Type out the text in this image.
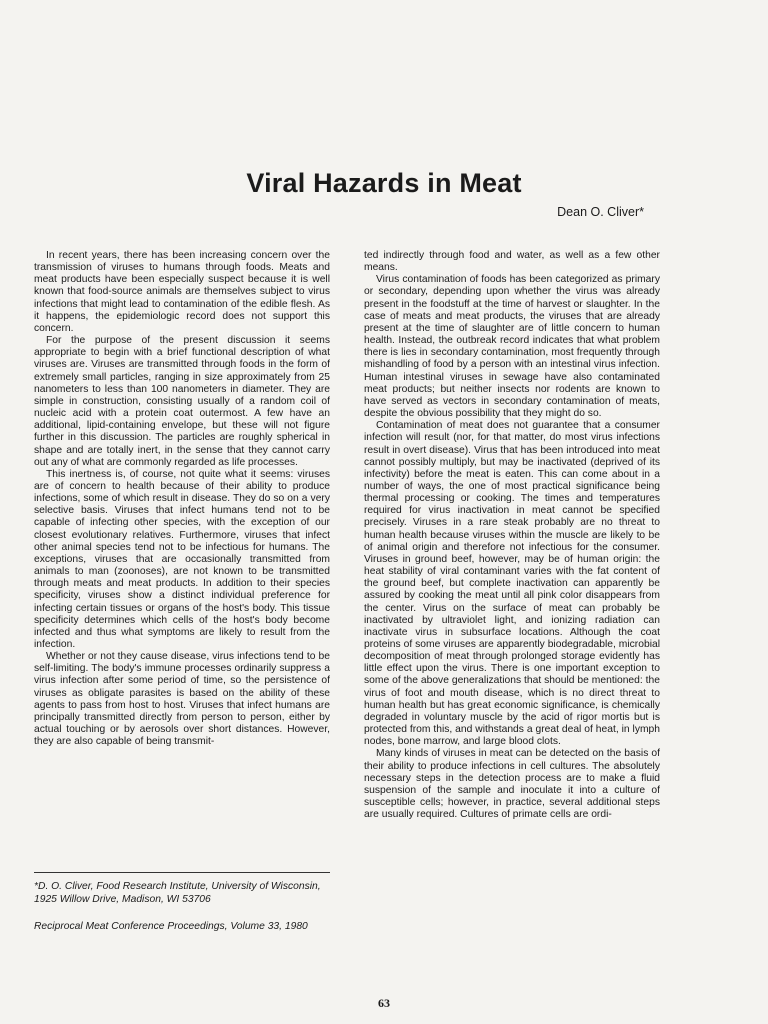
Viral Hazards in Meat
Dean O. Cliver*

In recent years, there has been increasing concern over the transmission of viruses to humans through foods. Meats and meat products have been especially suspect because it is well known that food-source animals are themselves subject to virus infections that might lead to contamination of the edible flesh. As it happens, the epidemiologic record does not support this concern.

For the purpose of the present discussion it seems appropriate to begin with a brief functional description of what viruses are. Viruses are transmitted through foods in the form of extremely small particles, ranging in size approximately from 25 nanometers to less than 100 nanometers in diameter. They are simple in construction, consisting usually of a random coil of nucleic acid with a protein coat outermost. A few have an additional, lipid-containing envelope, but these will not figure further in this discussion. The particles are roughly spherical in shape and are totally inert, in the sense that they cannot carry out any of what are commonly regarded as life processes.

This inertness is, of course, not quite what it seems: viruses are of concern to health because of their ability to produce infections, some of which result in disease. They do so on a very selective basis. Viruses that infect humans tend not to be capable of infecting other species, with the exception of our closest evolutionary relatives. Furthermore, viruses that infect other animal species tend not to be infectious for humans. The exceptions, viruses that are occasionally transmitted from animals to man (zoonoses), are not known to be transmitted through meats and meat products. In addition to their species specificity, viruses show a distinct individual preference for infecting certain tissues or organs of the host's body. This tissue specificity determines which cells of the host's body become infected and thus what symptoms are likely to result from the infection.

Whether or not they cause disease, virus infections tend to be self-limiting. The body's immune processes ordinarily suppress a virus infection after some period of time, so the persistence of viruses as obligate parasites is based on the ability of these agents to pass from host to host. Viruses that infect humans are principally transmitted directly from person to person, either by actual touching or by aerosols over short distances. However, they are also capable of being transmit-

ted indirectly through food and water, as well as a few other means.

Virus contamination of foods has been categorized as primary or secondary, depending upon whether the virus was already present in the foodstuff at the time of harvest or slaughter. In the case of meats and meat products, the viruses that are already present at the time of slaughter are of little concern to human health. Instead, the outbreak record indicates that what problem there is lies in secondary contamination, most frequently through mishandling of food by a person with an intestinal virus infection. Human intestinal viruses in sewage have also contaminated meat products; but neither insects nor rodents are known to have served as vectors in secondary contamination of meats, despite the obvious possibility that they might do so.

Contamination of meat does not guarantee that a consumer infection will result (nor, for that matter, do most virus infections result in overt disease). Virus that has been introduced into meat cannot possibly multiply, but may be inactivated (deprived of its infectivity) before the meat is eaten. This can come about in a number of ways, the one of most practical significance being thermal processing or cooking. The times and temperatures required for virus inactivation in meat cannot be specified precisely. Viruses in a rare steak probably are no threat to human health because viruses within the muscle are likely to be of animal origin and therefore not infectious for the consumer. Viruses in ground beef, however, may be of human origin: the heat stability of viral contaminant varies with the fat content of the ground beef, but complete inactivation can apparently be assured by cooking the meat until all pink color disappears from the center. Virus on the surface of meat can probably be inactivated by ultraviolet light, and ionizing radiation can inactivate virus in subsurface locations. Although the coat proteins of some viruses are apparently biodegradable, microbial decomposition of meat through prolonged storage evidently has little effect upon the virus. There is one important exception to some of the above generalizations that should be mentioned: the virus of foot and mouth disease, which is no direct threat to human health but has great economic significance, is chemically degraded in voluntary muscle by the acid of rigor mortis but is protected from this, and withstands a great deal of heat, in lymph nodes, bone marrow, and large blood clots.

Many kinds of viruses in meat can be detected on the basis of their ability to produce infections in cell cultures. The absolutely necessary steps in the detection process are to make a fluid suspension of the sample and inoculate it into a culture of susceptible cells; however, in practice, several additional steps are usually required. Cultures of primate cells are ordi-

*D. O. Cliver, Food Research Institute, University of Wisconsin, 1925 Willow Drive, Madison, WI 53706
Reciprocal Meat Conference Proceedings, Volume 33, 1980
63
